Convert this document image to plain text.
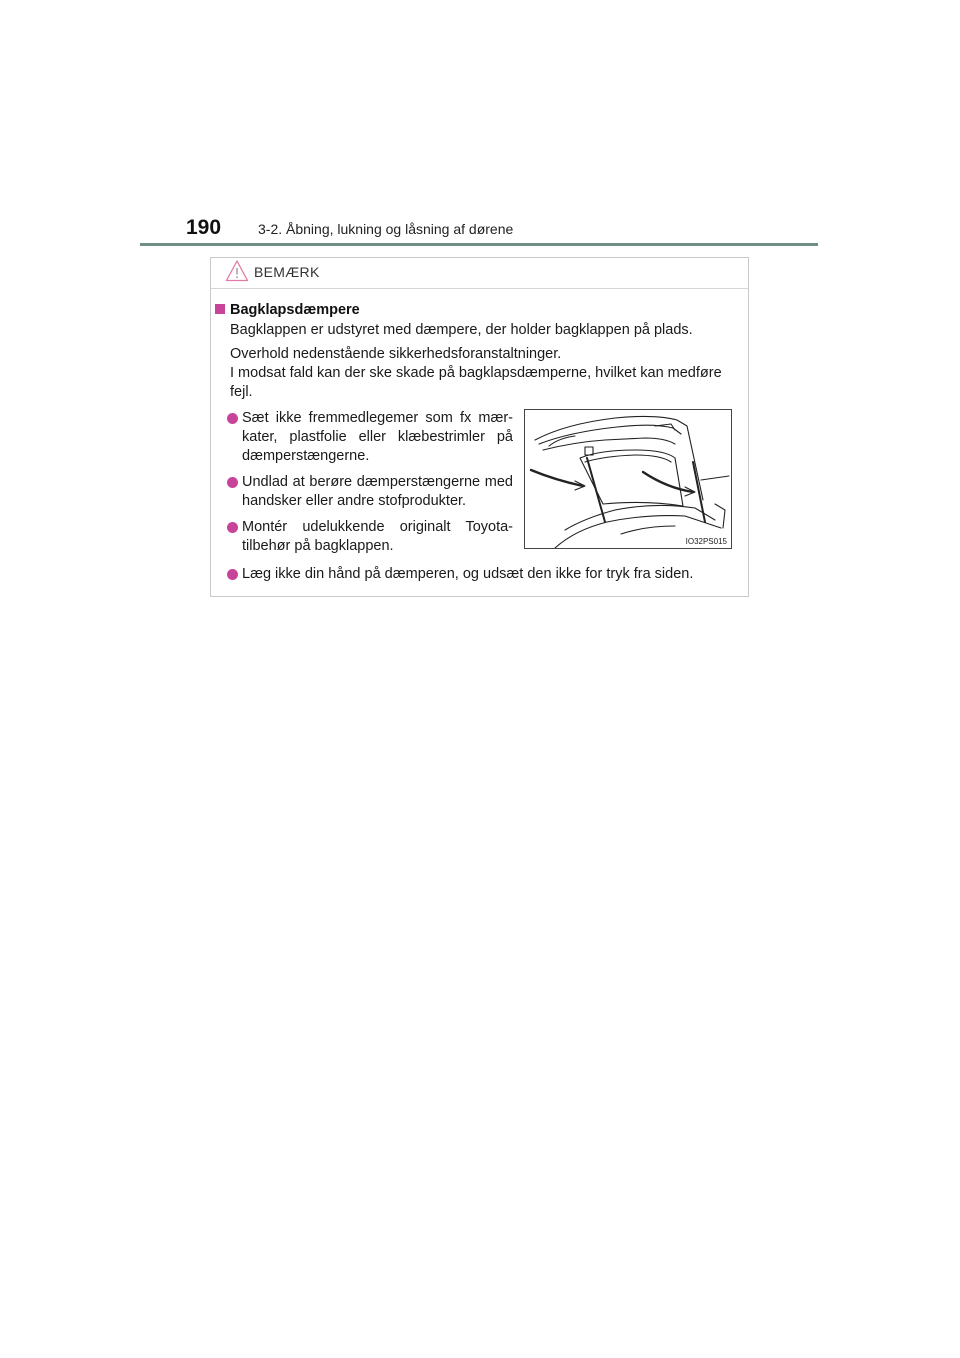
190	3-2. Åbning, lukning og låsning af dørene
BEMÆRK
Bagklapsdæmpere
Bagklappen er udstyret med dæmpere, der holder bagklappen på plads.
Overhold nedenstående sikkerhedsforanstaltninger.
I modsat fald kan der ske skade på bagklapsdæmperne, hvilket kan medføre fejl.
Sæt ikke fremmedlegemer som fx mær-kater, plastfolie eller klæbestrimler på dæmperstængerne.
Undlad at berøre dæmperstængerne med handsker eller andre stofprodukter.
Montér udelukkende originalt Toyota-tilbehør på bagklappen.	IO32PS015
Læg ikke din hånd på dæmperen, og udsæt den ikke for tryk fra siden.
